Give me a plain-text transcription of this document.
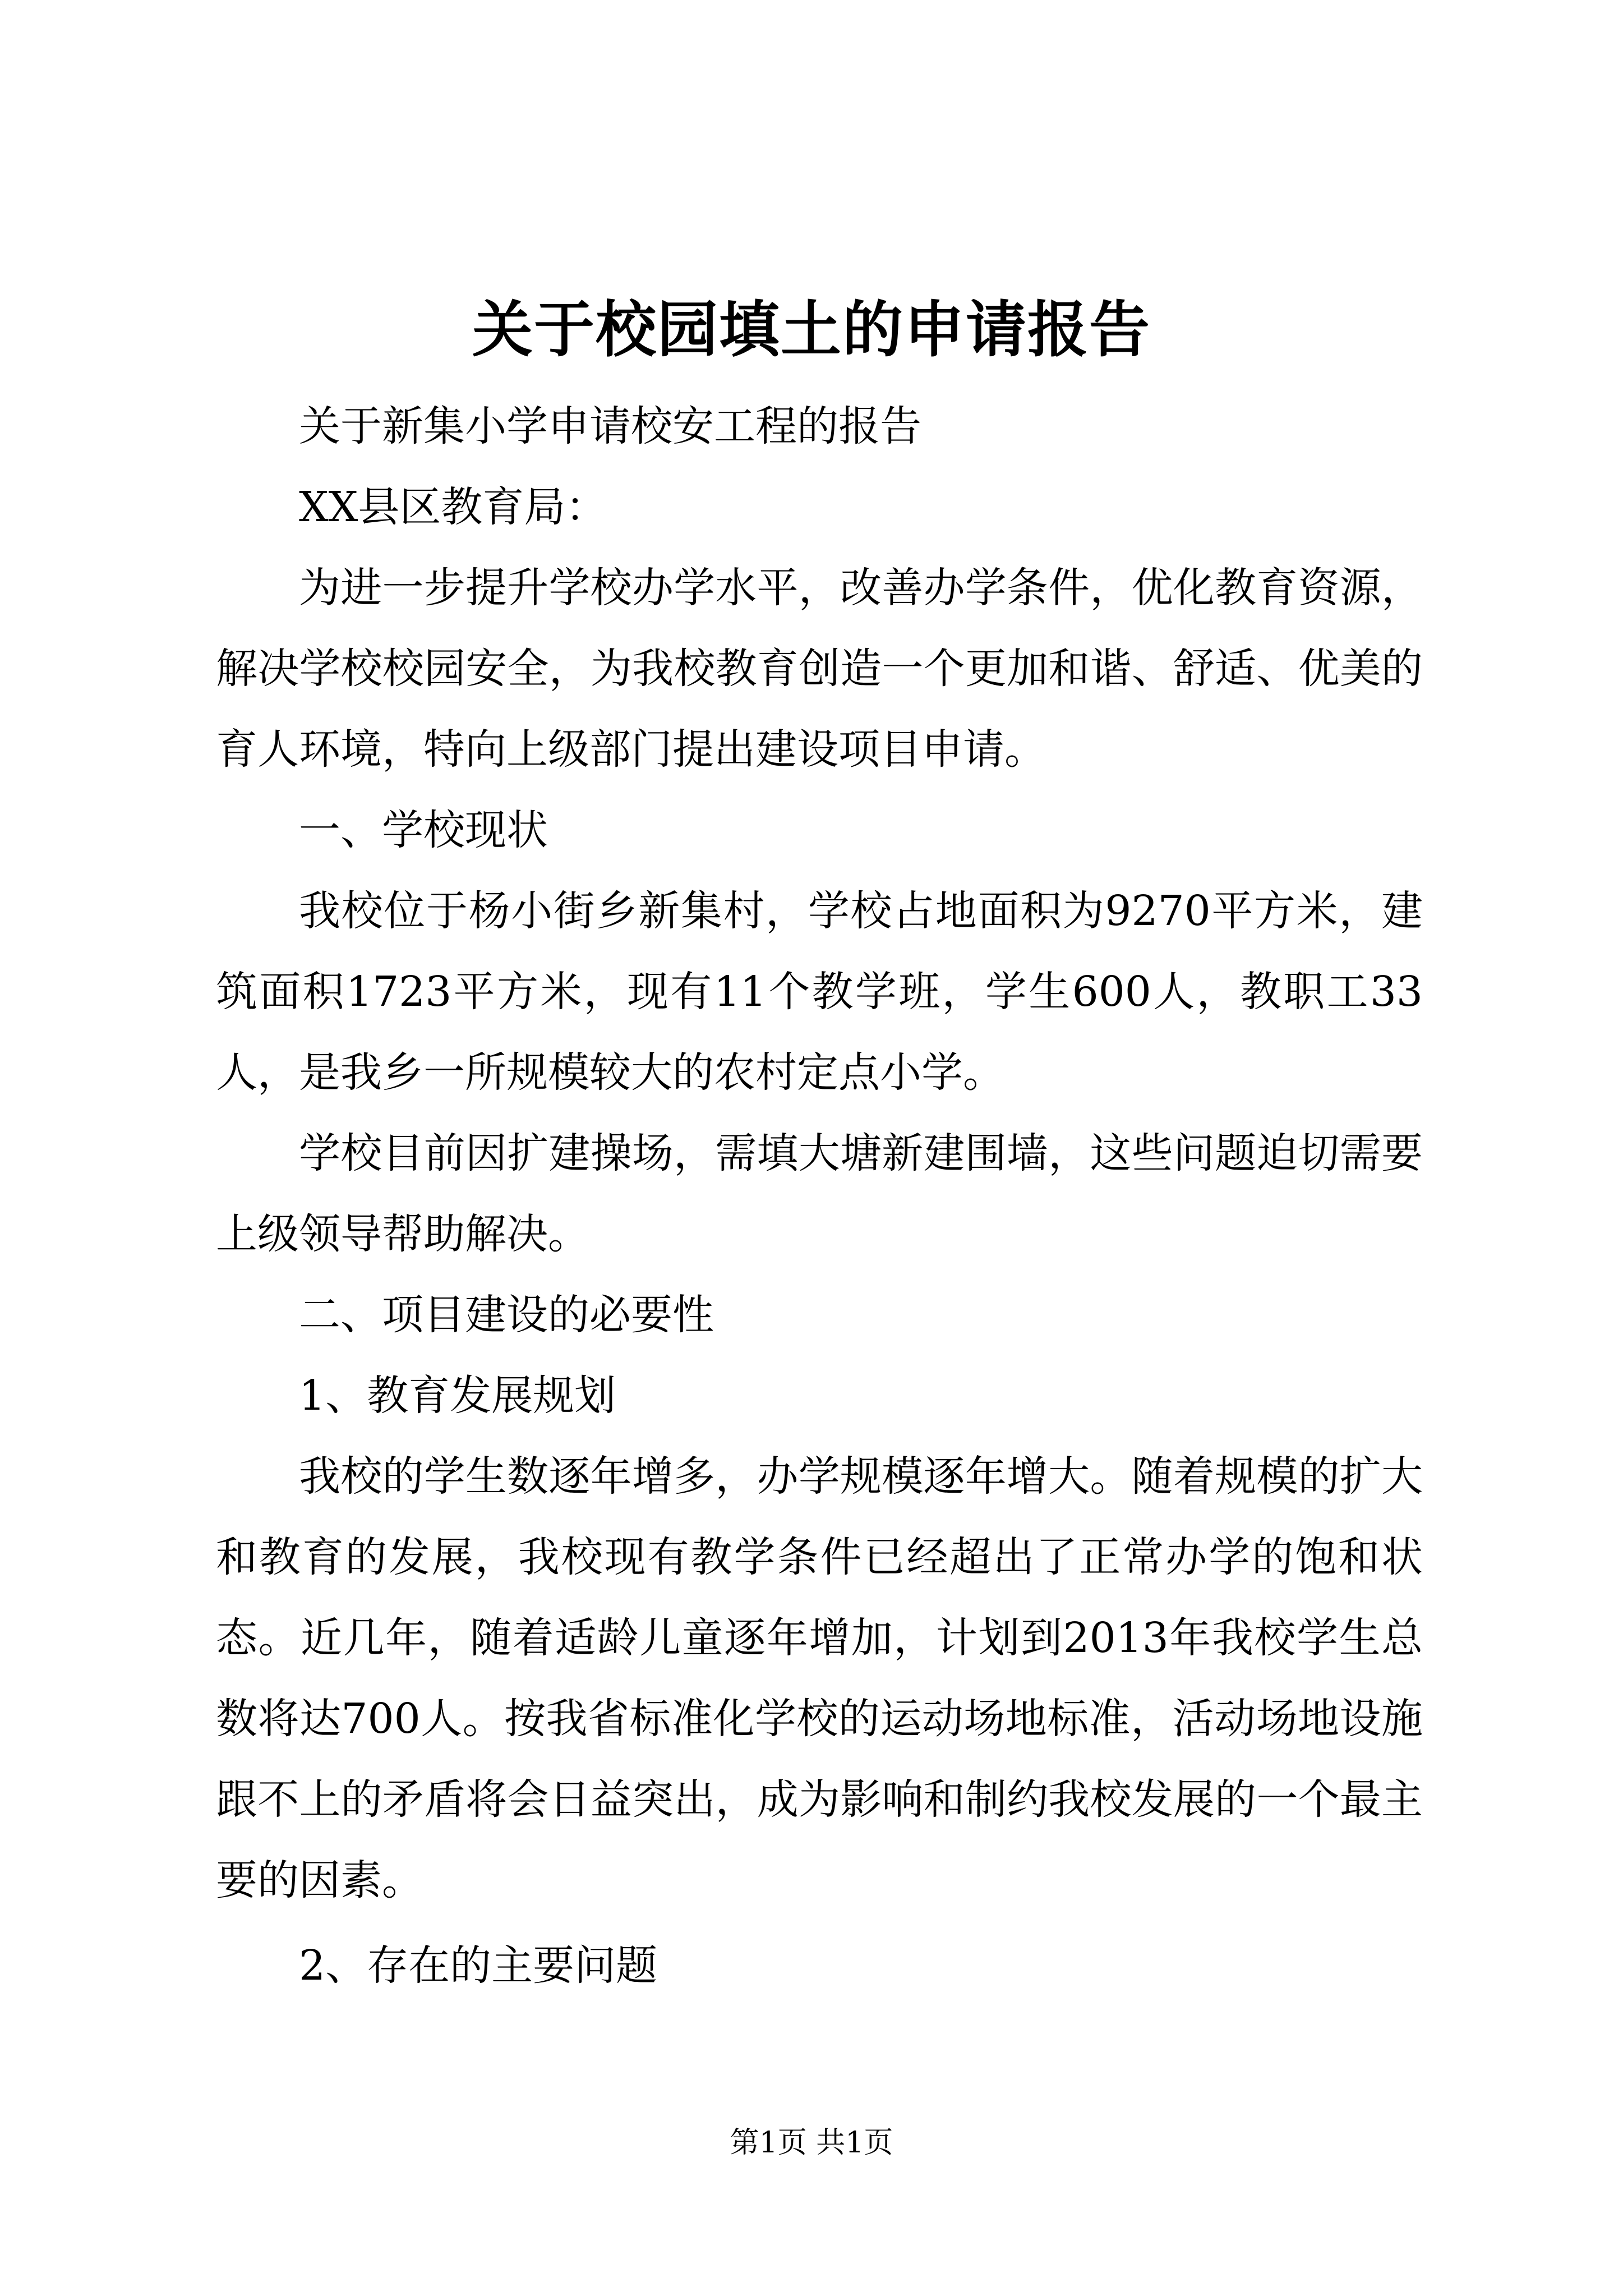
关于校园填土的申请报告

关于新集小学申请校安工程的报告

XX县区教育局：

为进一步提升学校办学水平，改善办学条件，优化教育资源，解决学校校园安全，为我校教育创造一个更加和谐、舒适、优美的育人环境，特向上级部门提出建设项目申请。

一、学校现状

我校位于杨小街乡新集村，学校占地面积为9270平方米，建筑面积1723平方米，现有11个教学班，学生600人，教职工33人，是我乡一所规模较大的农村定点小学。

学校目前因扩建操场，需填大塘新建围墙，这些问题迫切需要上级领导帮助解决。

二、项目建设的必要性

1、教育发展规划

我校的学生数逐年增多，办学规模逐年增大。随着规模的扩大和教育的发展，我校现有教学条件已经超出了正常办学的饱和状态。近几年，随着适龄儿童逐年增加，计划到2013年我校学生总数将达700人。按我省标准化学校的运动场地标准，活动场地设施跟不上的矛盾将会日益突出，成为影响和制约我校发展的一个最主要的因素。

2、存在的主要问题

第1页 共1页
